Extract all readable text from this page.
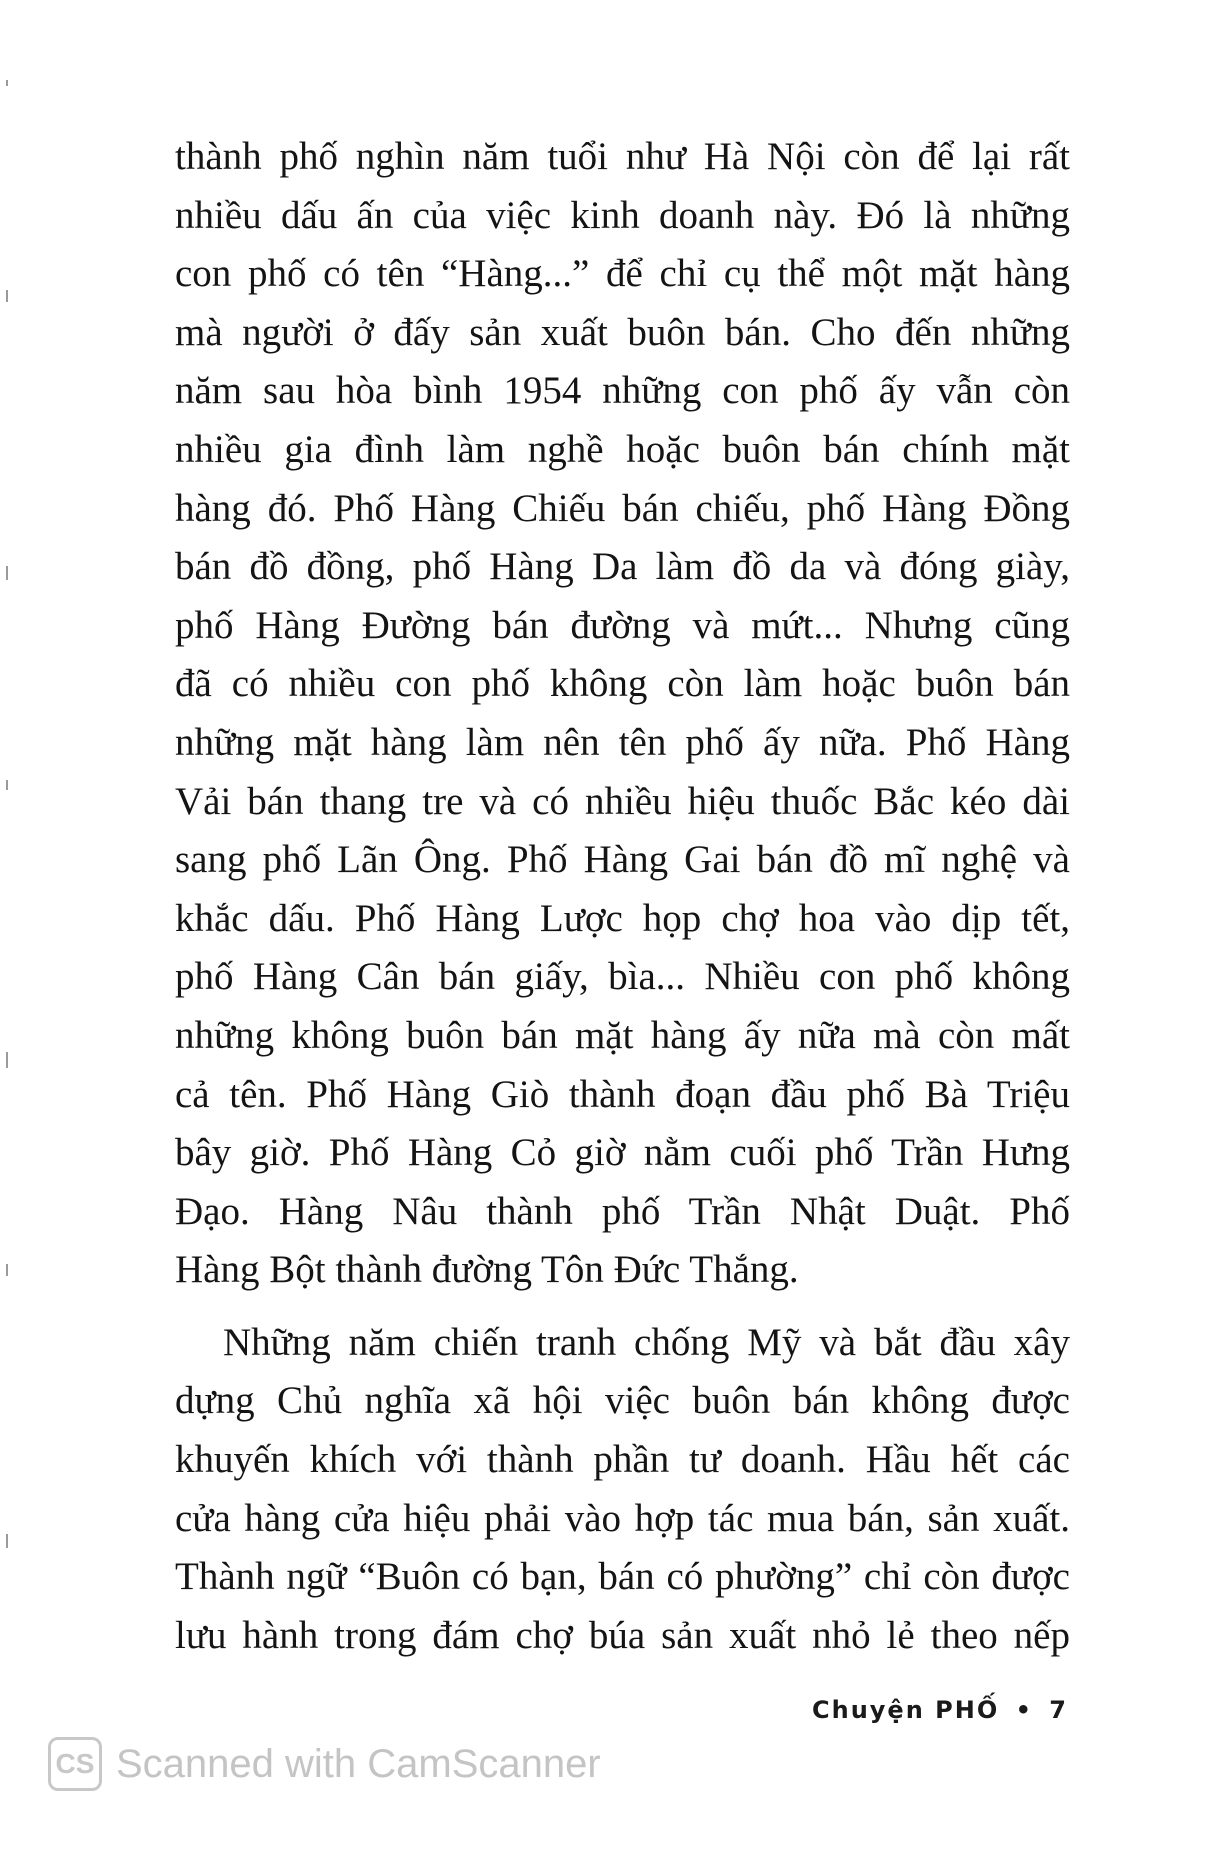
thành phố nghìn năm tuổi như Hà Nội còn để lại rất
nhiều dấu ấn của việc kinh doanh này. Đó là những
con phố có tên “Hàng...” để chỉ cụ thể một mặt hàng
mà người ở đấy sản xuất buôn bán. Cho đến những
năm sau hòa bình 1954 những con phố ấy vẫn còn
nhiều gia đình làm nghề hoặc buôn bán chính mặt
hàng đó. Phố Hàng Chiếu bán chiếu, phố Hàng Đồng
bán đồ đồng, phố Hàng Da làm đồ da và đóng giày,
phố Hàng Đường bán đường và mứt... Nhưng cũng
đã có nhiều con phố không còn làm hoặc buôn bán
những mặt hàng làm nên tên phố ấy nữa. Phố Hàng
Vải bán thang tre và có nhiều hiệu thuốc Bắc kéo dài
sang phố Lãn Ông. Phố Hàng Gai bán đồ mĩ nghệ và
khắc dấu. Phố Hàng Lược họp chợ hoa vào dịp tết,
phố Hàng Cân bán giấy, bìa... Nhiều con phố không
những không buôn bán mặt hàng ấy nữa mà còn mất
cả tên. Phố Hàng Giò thành đoạn đầu phố Bà Triệu
bây giờ. Phố Hàng Cỏ giờ nằm cuối phố Trần Hưng
Đạo. Hàng Nâu thành phố Trần Nhật Duật. Phố
Hàng Bột thành đường Tôn Đức Thắng.
Những năm chiến tranh chống Mỹ và bắt đầu xây
dựng Chủ nghĩa xã hội việc buôn bán không được
khuyến khích với thành phần tư doanh. Hầu hết các
cửa hàng cửa hiệu phải vào hợp tác mua bán, sản xuất.
Thành ngữ “Buôn có bạn, bán có phường” chỉ còn được
lưu hành trong đám chợ búa sản xuất nhỏ lẻ theo nếp
Chuyện PHỐ • 7
CS Scanned with CamScanner
